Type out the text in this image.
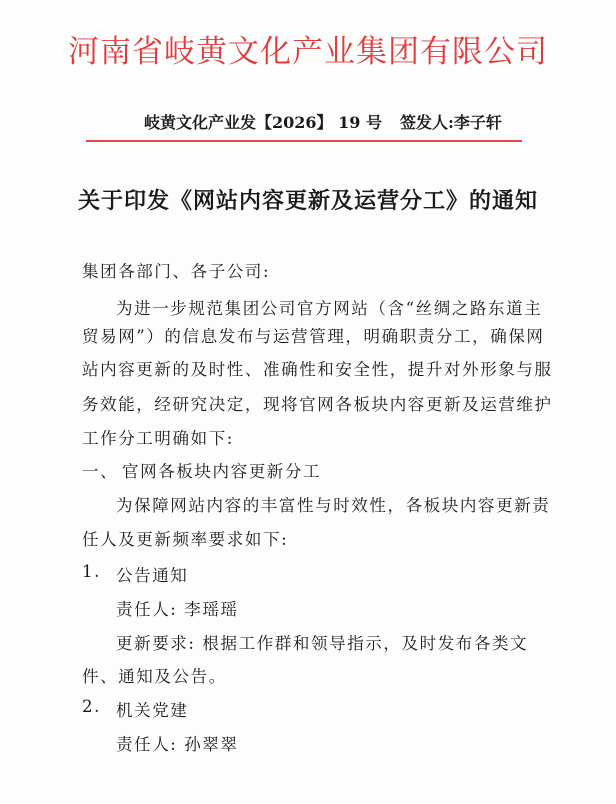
河南省岐黄文化产业集团有限公司
岐黄文化产业发【2026】 19 号 签发人:李子轩
关于印发《网站内容更新及运营分工》的通知
集团各部门、各子公司:
为进一步规范集团公司官方网站（含“丝绸之路东道主
贸易网”）的信息发布与运营管理，明确职责分工，确保网
站内容更新的及时性、准确性和安全性，提升对外形象与服
务效能，经研究决定，现将官网各板块内容更新及运营维护
工作分工明确如下:
一、 官网各板块内容更新分工
为保障网站内容的丰富性与时效性，各板块内容更新责
任人及更新频率要求如下:
1. 公告通知
责任人: 李瑶瑶
更新要求: 根据工作群和领导指示，及时发布各类文
件、通知及公告。
2. 机关党建
责任人: 孙翠翠
